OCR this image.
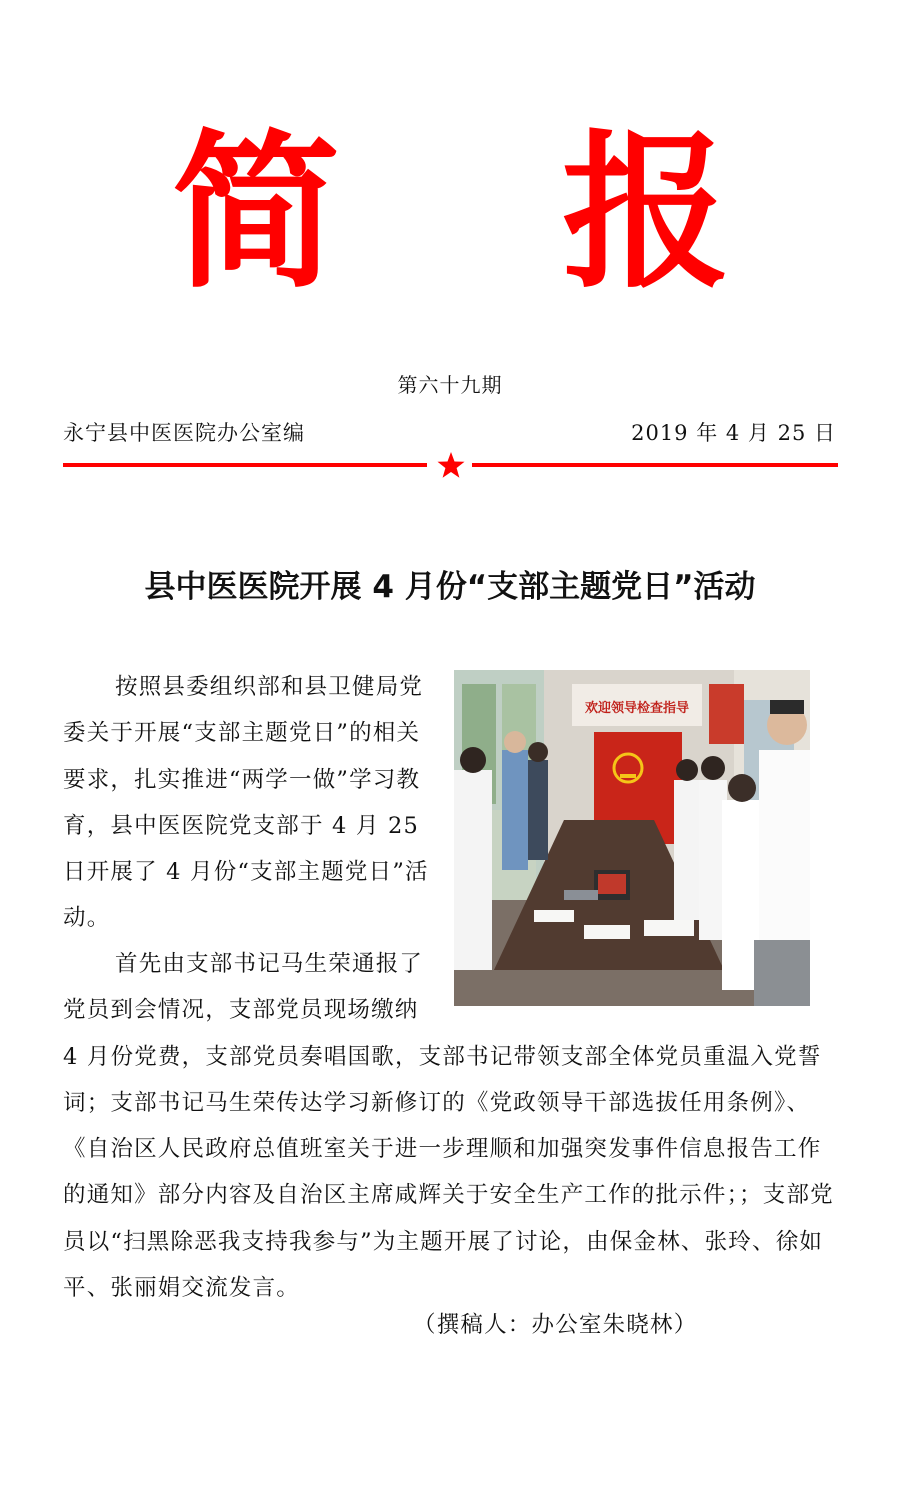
简 报
第六十九期
永宁县中医医院办公室编	2019 年 4 月 25 日
县中医医院开展 4 月份“支部主题党日”活动

按照县委组织部和县卫健局党委关于开展“支部主题党日”的相关要求，扎实推进“两学一做”学习教育，县中医医院党支部于 4 月 25 日开展了 4 月份“支部主题党日”活动。

首先由支部书记马生荣通报了党员到会情况，支部党员现场缴纳 4 月份党费，支部党员奏唱国歌，支部书记带领支部全体党员重温入党誓词；支部书记马生荣传达学习新修订的《党政领导干部选拔任用条例》、《自治区人民政府总值班室关于进一步理顺和加强突发事件信息报告工作的通知》部分内容及自治区主席咸辉关于安全生产工作的批示件；；支部党员以“扫黑除恶我支持我参与”为主题开展了讨论，由保金林、张玲、徐如平、张丽娟交流发言。

欢迎领导检查指导
（撰稿人：办公室朱晓林）
